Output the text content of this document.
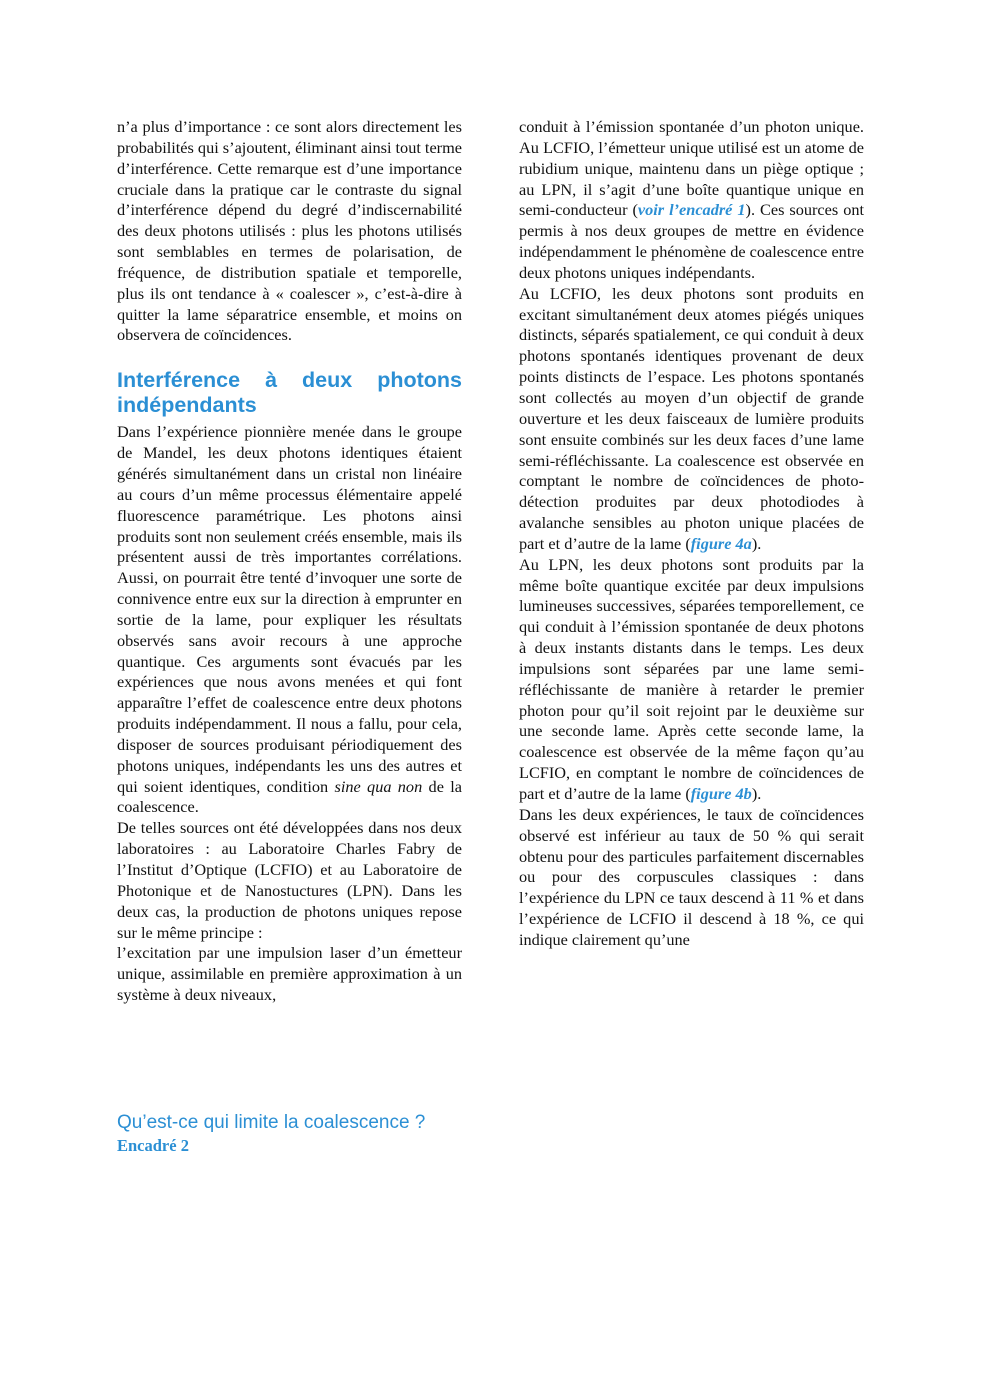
n’a plus d’importance : ce sont alors directement les probabilités qui s’ajoutent, éliminant ainsi tout terme d’interférence. Cette remarque est d’une importance cruciale dans la pratique car le contraste du signal d’interférence dépend du degré d’indiscernabilité des deux photons utilisés : plus les photons utilisés sont semblables en termes de polarisation, de fréquence, de distribution spatiale et temporelle, plus ils ont tendance à « coalescer », c’est-à-dire à quitter la lame séparatrice ensemble, et moins on observera de coïncidences.

Interférence à deux photons indépendants

Dans l’expérience pionnière menée dans le groupe de Mandel, les deux photons identiques étaient générés simultanément dans un cristal non linéaire au cours d’un même processus élémentaire appelé fluorescence paramétrique. Les photons ainsi produits sont non seulement créés ensemble, mais ils présentent aussi de très importantes corrélations. Aussi, on pourrait être tenté d’invoquer une sorte de connivence entre eux sur la direction à emprunter en sortie de la lame, pour expliquer les résultats observés sans avoir recours à une approche quantique. Ces arguments sont évacués par les expériences que nous avons menées et qui font apparaître l’effet de coalescence entre deux photons produits indépendamment. Il nous a fallu, pour cela, disposer de sources produisant périodiquement des photons uniques, indépendants les uns des autres et qui soient identiques, condition sine qua non de la coalescence.

De telles sources ont été développées dans nos deux laboratoires : au Laboratoire Charles Fabry de l’Institut d’Optique (LCFIO) et au Laboratoire de Photonique et de Nanostuctures (LPN). Dans les deux cas, la production de photons uniques repose sur le même principe :

l’excitation par une impulsion laser d’un émetteur unique, assimilable en première approximation à un système à deux niveaux,

conduit à l’émission spontanée d’un photon unique. Au LCFIO, l’émetteur unique utilisé est un atome de rubidium unique, maintenu dans un piège optique ; au LPN, il s’agit d’une boîte quantique unique en semi-conducteur (voir l’encadré 1). Ces sources ont permis à nos deux groupes de mettre en évidence indépendamment le phénomène de coalescence entre deux photons uniques indépendants.

Au LCFIO, les deux photons sont produits en excitant simultanément deux atomes piégés uniques distincts, séparés spatialement, ce qui conduit à deux photons spontanés identiques provenant de deux points distincts de l’espace. Les photons spontanés sont collectés au moyen d’un objectif de grande ouverture et les deux faisceaux de lumière produits sont ensuite combinés sur les deux faces d’une lame semi-réfléchissante. La coalescence est observée en comptant le nombre de coïncidences de photo-détection produites par deux photodiodes à avalanche sensibles au photon unique placées de part et d’autre de la lame (figure 4a).

Au LPN, les deux photons sont produits par la même boîte quantique excitée par deux impulsions lumineuses successives, séparées temporellement, ce qui conduit à l’émission spontanée de deux photons à deux instants distants dans le temps. Les deux impulsions sont séparées par une lame semi-réfléchissante de manière à retarder le premier photon pour qu’il soit rejoint par le deuxième sur une seconde lame. Après cette seconde lame, la coalescence est observée de la même façon qu’au LCFIO, en comptant le nombre de coïncidences de part et d’autre de la lame (figure 4b).

Dans les deux expériences, le taux de coïncidences observé est inférieur au taux de 50 % qui serait obtenu pour des particules parfaitement discernables ou pour des corpuscules classiques : dans l’expérience du LPN ce taux descend à 11 % et dans l’expérience de LCFIO il descend à 18 %, ce qui indique clairement qu’une

Qu’est-ce qui limite la coalescence ?
Encadré 2
